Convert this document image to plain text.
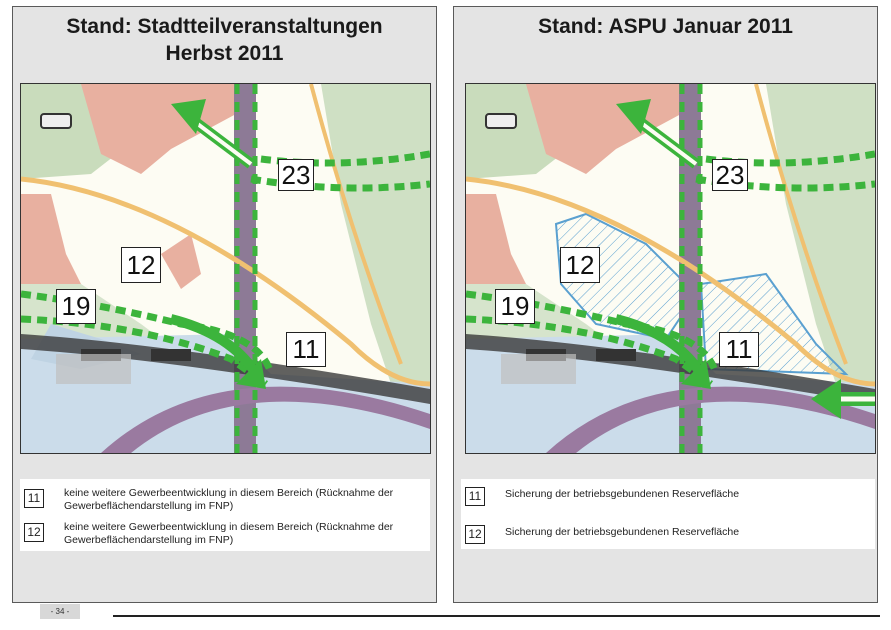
Stand: Stadtteilveranstaltungen
Herbst 2011
23
12
19
11
11	keine weitere Gewerbeentwicklung in diesem Bereich (Rücknahme der Gewerbeflächendarstellung im FNP)
12	keine weitere Gewerbeentwicklung in diesem Bereich (Rücknahme der Gewerbeflächendarstellung im FNP)
Stand: ASPU Januar 2011
23
12
19
11
11	Sicherung der betriebsgebundenen Reservefläche
12	Sicherung der betriebsgebundenen Reservefläche
- 34 -
